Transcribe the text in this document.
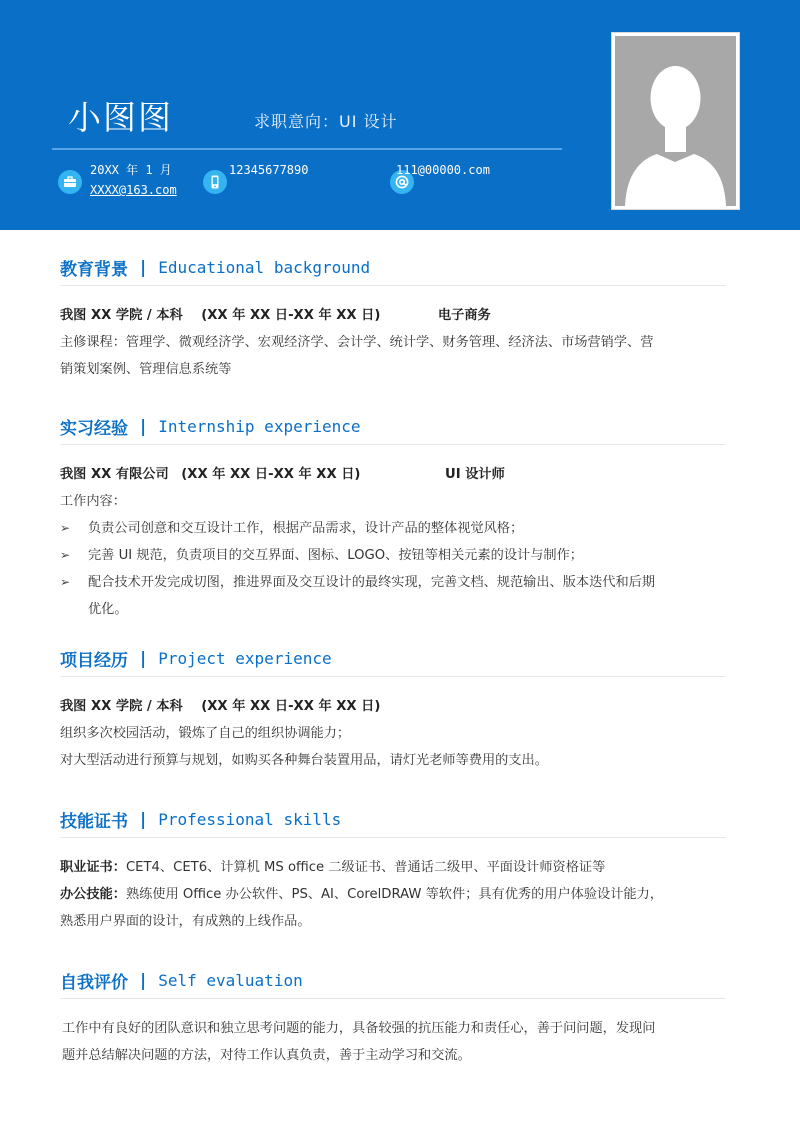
小图图	求职意向：UI 设计
20XX 年 1 月
XXXX@163.com
12345677890	111@00000.com
教育背景 | Educational background
我图 XX 学院 / 本科 (XX 年 XX 日-XX 年 XX 日)	电子商务
主修课程：管理学、微观经济学、宏观经济学、会计学、统计学、财务管理、经济法、市场营销学、营
销策划案例、管理信息系统等
实习经验 | Internship experience
我图 XX 有限公司 (XX 年 XX 日-XX 年 XX 日)	UI 设计师
工作内容：
➢ 负责公司创意和交互设计工作，根据产品需求，设计产品的整体视觉风格；
➢ 完善 UI 规范，负责项目的交互界面、图标、LOGO、按钮等相关元素的设计与制作；
➢ 配合技术开发完成切图，推进界面及交互设计的最终实现，完善文档、规范输出、版本迭代和后期
优化。
项目经历 | Project experience
我图 XX 学院 / 本科 (XX 年 XX 日-XX 年 XX 日)
组织多次校园活动，锻炼了自己的组织协调能力；
对大型活动进行预算与规划，如购买各种舞台装置用品，请灯光老师等费用的支出。
技能证书 | Professional skills
职业证书：CET4、CET6、计算机 MS office 二级证书、普通话二级甲、平面设计师资格证等
办公技能：熟练使用 Office 办公软件、PS、AI、CorelDRAW 等软件；具有优秀的用户体验设计能力，
熟悉用户界面的设计，有成熟的上线作品。
自我评价 | Self evaluation
工作中有良好的团队意识和独立思考问题的能力，具备较强的抗压能力和责任心，善于问问题，发现问
题并总结解决问题的方法，对待工作认真负责，善于主动学习和交流。
